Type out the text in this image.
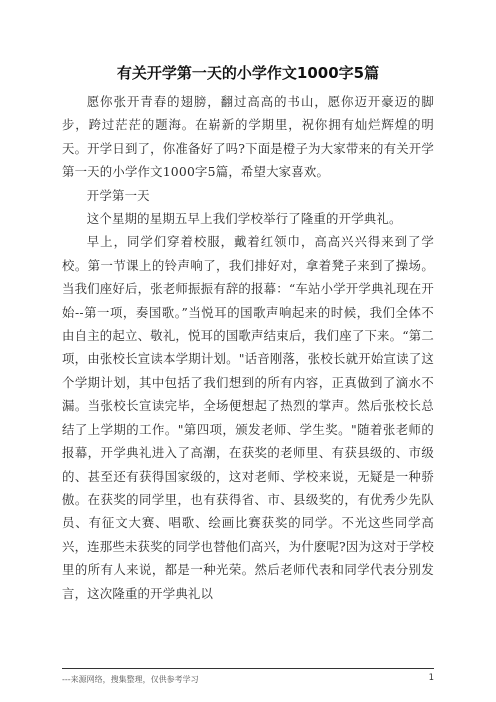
有关开学第一天的小学作文1000字5篇

愿你张开青春的翅膀，翻过高高的书山，愿你迈开豪迈的脚步，跨过茫茫的题海。在崭新的学期里，祝你拥有灿烂辉煌的明天。开学日到了，你准备好了吗?下面是橙子为大家带来的有关开学第一天的小学作文1000字5篇，希望大家喜欢。

开学第一天

这个星期的星期五早上我们学校举行了隆重的开学典礼。

早上，同学们穿着校服，戴着红领巾，高高兴兴得来到了学校。第一节课上的铃声响了，我们排好对，拿着凳子来到了操场。当我们座好后，张老师振振有辞的报幕：“车站小学开学典礼现在开始--第一项，奏国歌。”当悦耳的国歌声响起来的时候，我们全体不由自主的起立、敬礼，悦耳的国歌声结束后，我们座了下来。“第二项，由张校长宣读本学期计划。"话音刚落，张校长就开始宣读了这个学期计划，其中包括了我们想到的所有内容，正真做到了滴水不漏。当张校长宣读完毕，全场便想起了热烈的掌声。然后张校长总结了上学期的工作。"第四项，颁发老师、学生奖。"随着张老师的报幕，开学典礼进入了高潮，在获奖的老师里、有获县级的、市级的、甚至还有获得国家级的，这对老师、学校来说，无疑是一种骄傲。在获奖的同学里，也有获得省、市、县级奖的，有优秀少先队员、有征文大赛、唱歌、绘画比赛获奖的同学。不光这些同学高兴，连那些未获奖的同学也替他们高兴，为什麽呢?因为这对于学校里的所有人来说，都是一种光荣。然后老师代表和同学代表分别发言，这次隆重的开学典礼以

---来源网络，搜集整理，仅供参考学习	1
